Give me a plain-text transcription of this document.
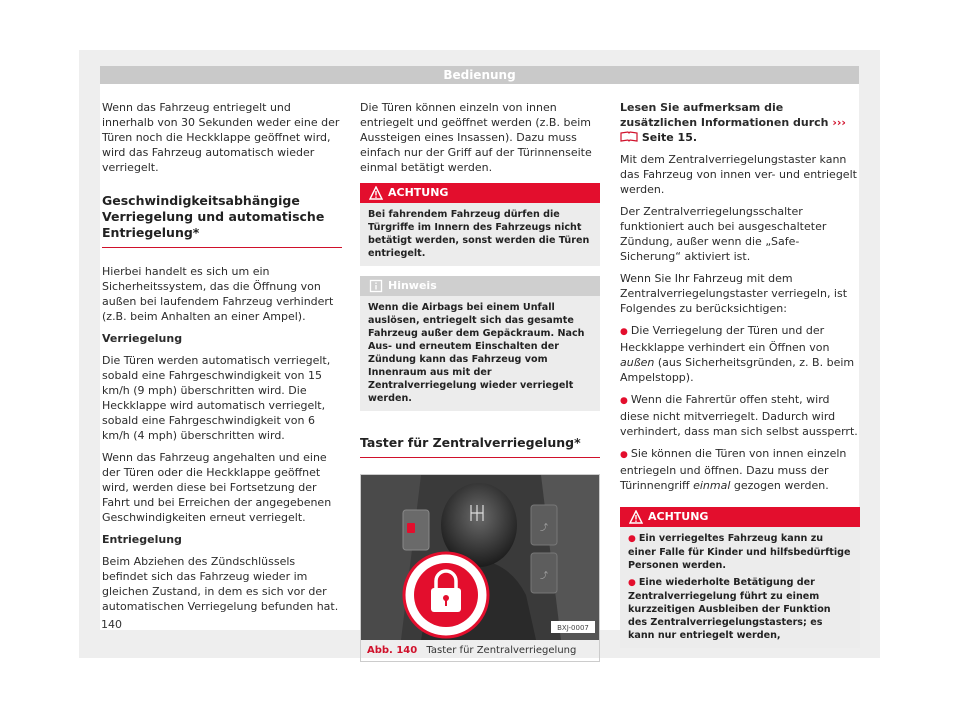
Bedienung

Wenn das Fahrzeug entriegelt und innerhalb von 30 Sekunden weder eine der Türen noch die Heckklappe geöffnet wird, wird das Fahrzeug automatisch wieder verriegelt.

Geschwindigkeitsabhängige Verriegelung und automatische Entriegelung*

Hierbei handelt es sich um ein Sicherheitssystem, das die Öffnung von außen bei laufendem Fahrzeug verhindert (z.B. beim Anhalten an einer Ampel).

Verriegelung

Die Türen werden automatisch verriegelt, sobald eine Fahrgeschwindigkeit von 15 km/h (9 mph) überschritten wird. Die Heckklappe wird automatisch verriegelt, sobald eine Fahrgeschwindigkeit von 6 km/h (4 mph) überschritten wird.

Wenn das Fahrzeug angehalten und eine der Türen oder die Heckklappe geöffnet wird, werden diese bei Fortsetzung der Fahrt und bei Erreichen der angegebenen Geschwindigkeiten erneut verriegelt.

Entriegelung

Beim Abziehen des Zündschlüssels befindet sich das Fahrzeug wieder im gleichen Zustand, in dem es sich vor der automatischen Verriegelung befunden hat.

Die Türen können einzeln von innen entriegelt und geöffnet werden (z.B. beim Aussteigen eines Insassen). Dazu muss einfach nur der Griff auf der Türinnenseite einmal betätigt werden.

ACHTUNG
Bei fahrendem Fahrzeug dürfen die Türgriffe im Innern des Fahrzeugs nicht betätigt werden, sonst werden die Türen entriegelt.
Hinweis
Wenn die Airbags bei einem Unfall auslösen, entriegelt sich das gesamte Fahrzeug außer dem Gepäckraum. Nach Aus- und erneutem Einschalten der Zündung kann das Fahrzeug vom Innenraum aus mit der Zentralverriegelung wieder verriegelt werden.
Taster für Zentralverriegelung*
⤴
⤴
BXJ-0007
Abb. 140 Taster für Zentralverriegelung

Lesen Sie aufmerksam die zusätzlichen Informationen durch ›››  Seite 15.

Mit dem Zentralverriegelungstaster kann das Fahrzeug von innen ver- und entriegelt werden.

Der Zentralverriegelungsschalter funktioniert auch bei ausgeschalteter Zündung, außer wenn die „Safe-Sicherung“ aktiviert ist.

Wenn Sie Ihr Fahrzeug mit dem Zentralverriegelungstaster verriegeln, ist Folgendes zu berücksichtigen:

● Die Verriegelung der Türen und der Heckklappe verhindert ein Öffnen von außen (aus Sicherheitsgründen, z. B. beim Ampelstopp).

● Wenn die Fahrertür offen steht, wird diese nicht mitverriegelt. Dadurch wird verhindert, dass man sich selbst aussperrt.

● Sie können die Türen von innen einzeln entriegeln und öffnen. Dazu muss der Türinnengriff einmal gezogen werden.

ACHTUNG
● Ein verriegeltes Fahrzeug kann zu einer Falle für Kinder und hilfsbedürftige Personen werden.
● Eine wiederholte Betätigung der Zentralverriegelung führt zu einem kurzzeitigen Ausbleiben der Funktion des Zentralverriegelungstasters; es kann nur entriegelt werden,
140
